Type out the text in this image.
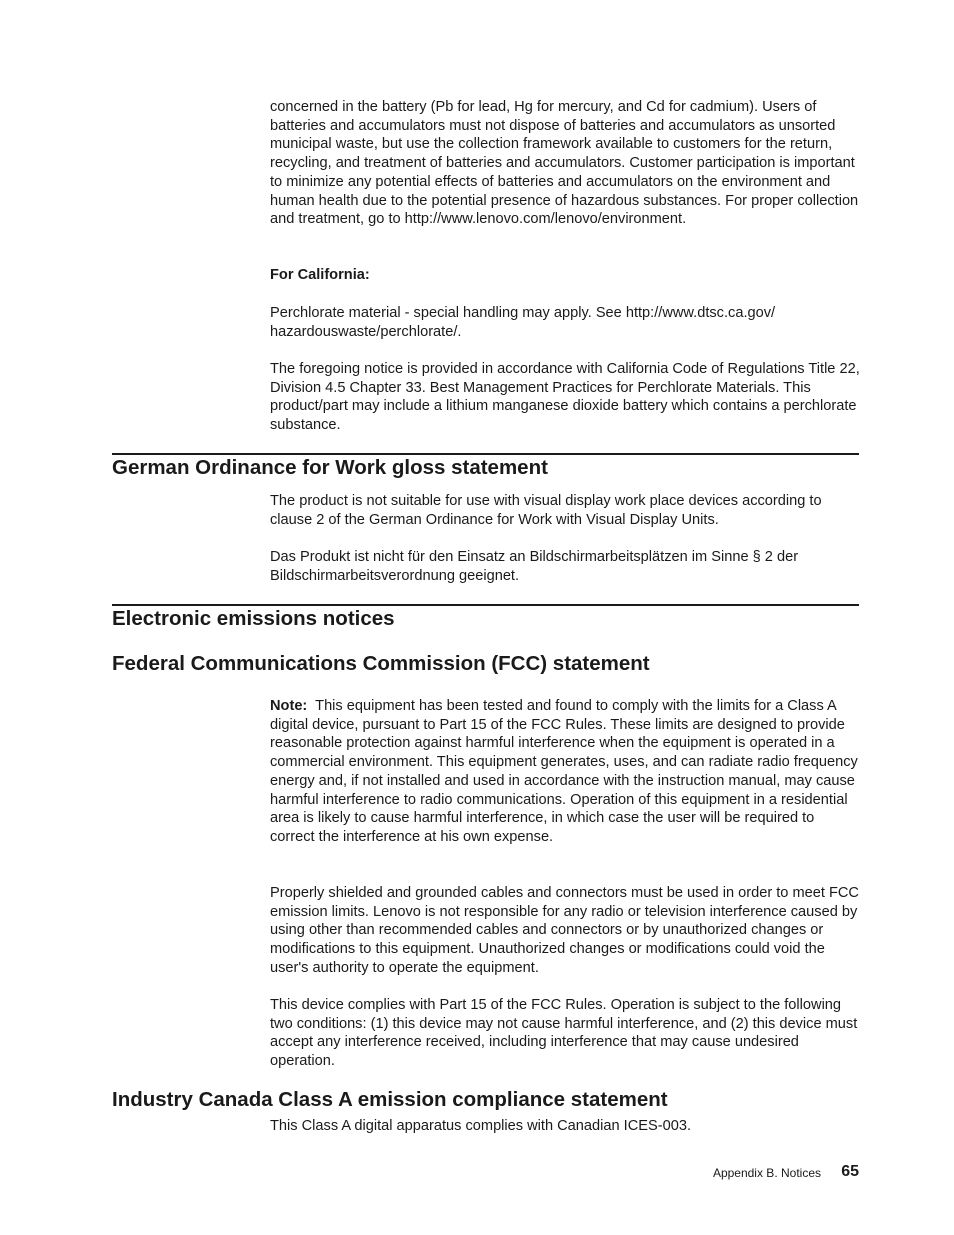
concerned in the battery (Pb for lead, Hg for mercury, and Cd for cadmium). Users of batteries and accumulators must not dispose of batteries and accumulators as unsorted municipal waste, but use the collection framework available to customers for the return, recycling, and treatment of batteries and accumulators. Customer participation is important to minimize any potential effects of batteries and accumulators on the environment and human health due to the potential presence of hazardous substances. For proper collection and treatment, go to http://www.lenovo.com/lenovo/environment.

For California:

Perchlorate material - special handling may apply. See http://www.dtsc.ca.gov/ hazardouswaste/perchlorate/.

The foregoing notice is provided in accordance with California Code of Regulations Title 22, Division 4.5 Chapter 33. Best Management Practices for Perchlorate Materials. This product/part may include a lithium manganese dioxide battery which contains a perchlorate substance.

German Ordinance for Work gloss statement

The product is not suitable for use with visual display work place devices according to clause 2 of the German Ordinance for Work with Visual Display Units.

Das Produkt ist nicht für den Einsatz an Bildschirmarbeitsplätzen im Sinne § 2 der Bildschirmarbeitsverordnung geeignet.

Electronic emissions notices
Federal Communications Commission (FCC) statement

Note: This equipment has been tested and found to comply with the limits for a Class A digital device, pursuant to Part 15 of the FCC Rules. These limits are designed to provide reasonable protection against harmful interference when the equipment is operated in a commercial environment. This equipment generates, uses, and can radiate radio frequency energy and, if not installed and used in accordance with the instruction manual, may cause harmful interference to radio communications. Operation of this equipment in a residential area is likely to cause harmful interference, in which case the user will be required to correct the interference at his own expense.

Properly shielded and grounded cables and connectors must be used in order to meet FCC emission limits. Lenovo is not responsible for any radio or television interference caused by using other than recommended cables and connectors or by unauthorized changes or modifications to this equipment. Unauthorized changes or modifications could void the user's authority to operate the equipment.

This device complies with Part 15 of the FCC Rules. Operation is subject to the following two conditions: (1) this device may not cause harmful interference, and (2) this device must accept any interference received, including interference that may cause undesired operation.

Industry Canada Class A emission compliance statement

This Class A digital apparatus complies with Canadian ICES-003.

Appendix B. Notices	65
